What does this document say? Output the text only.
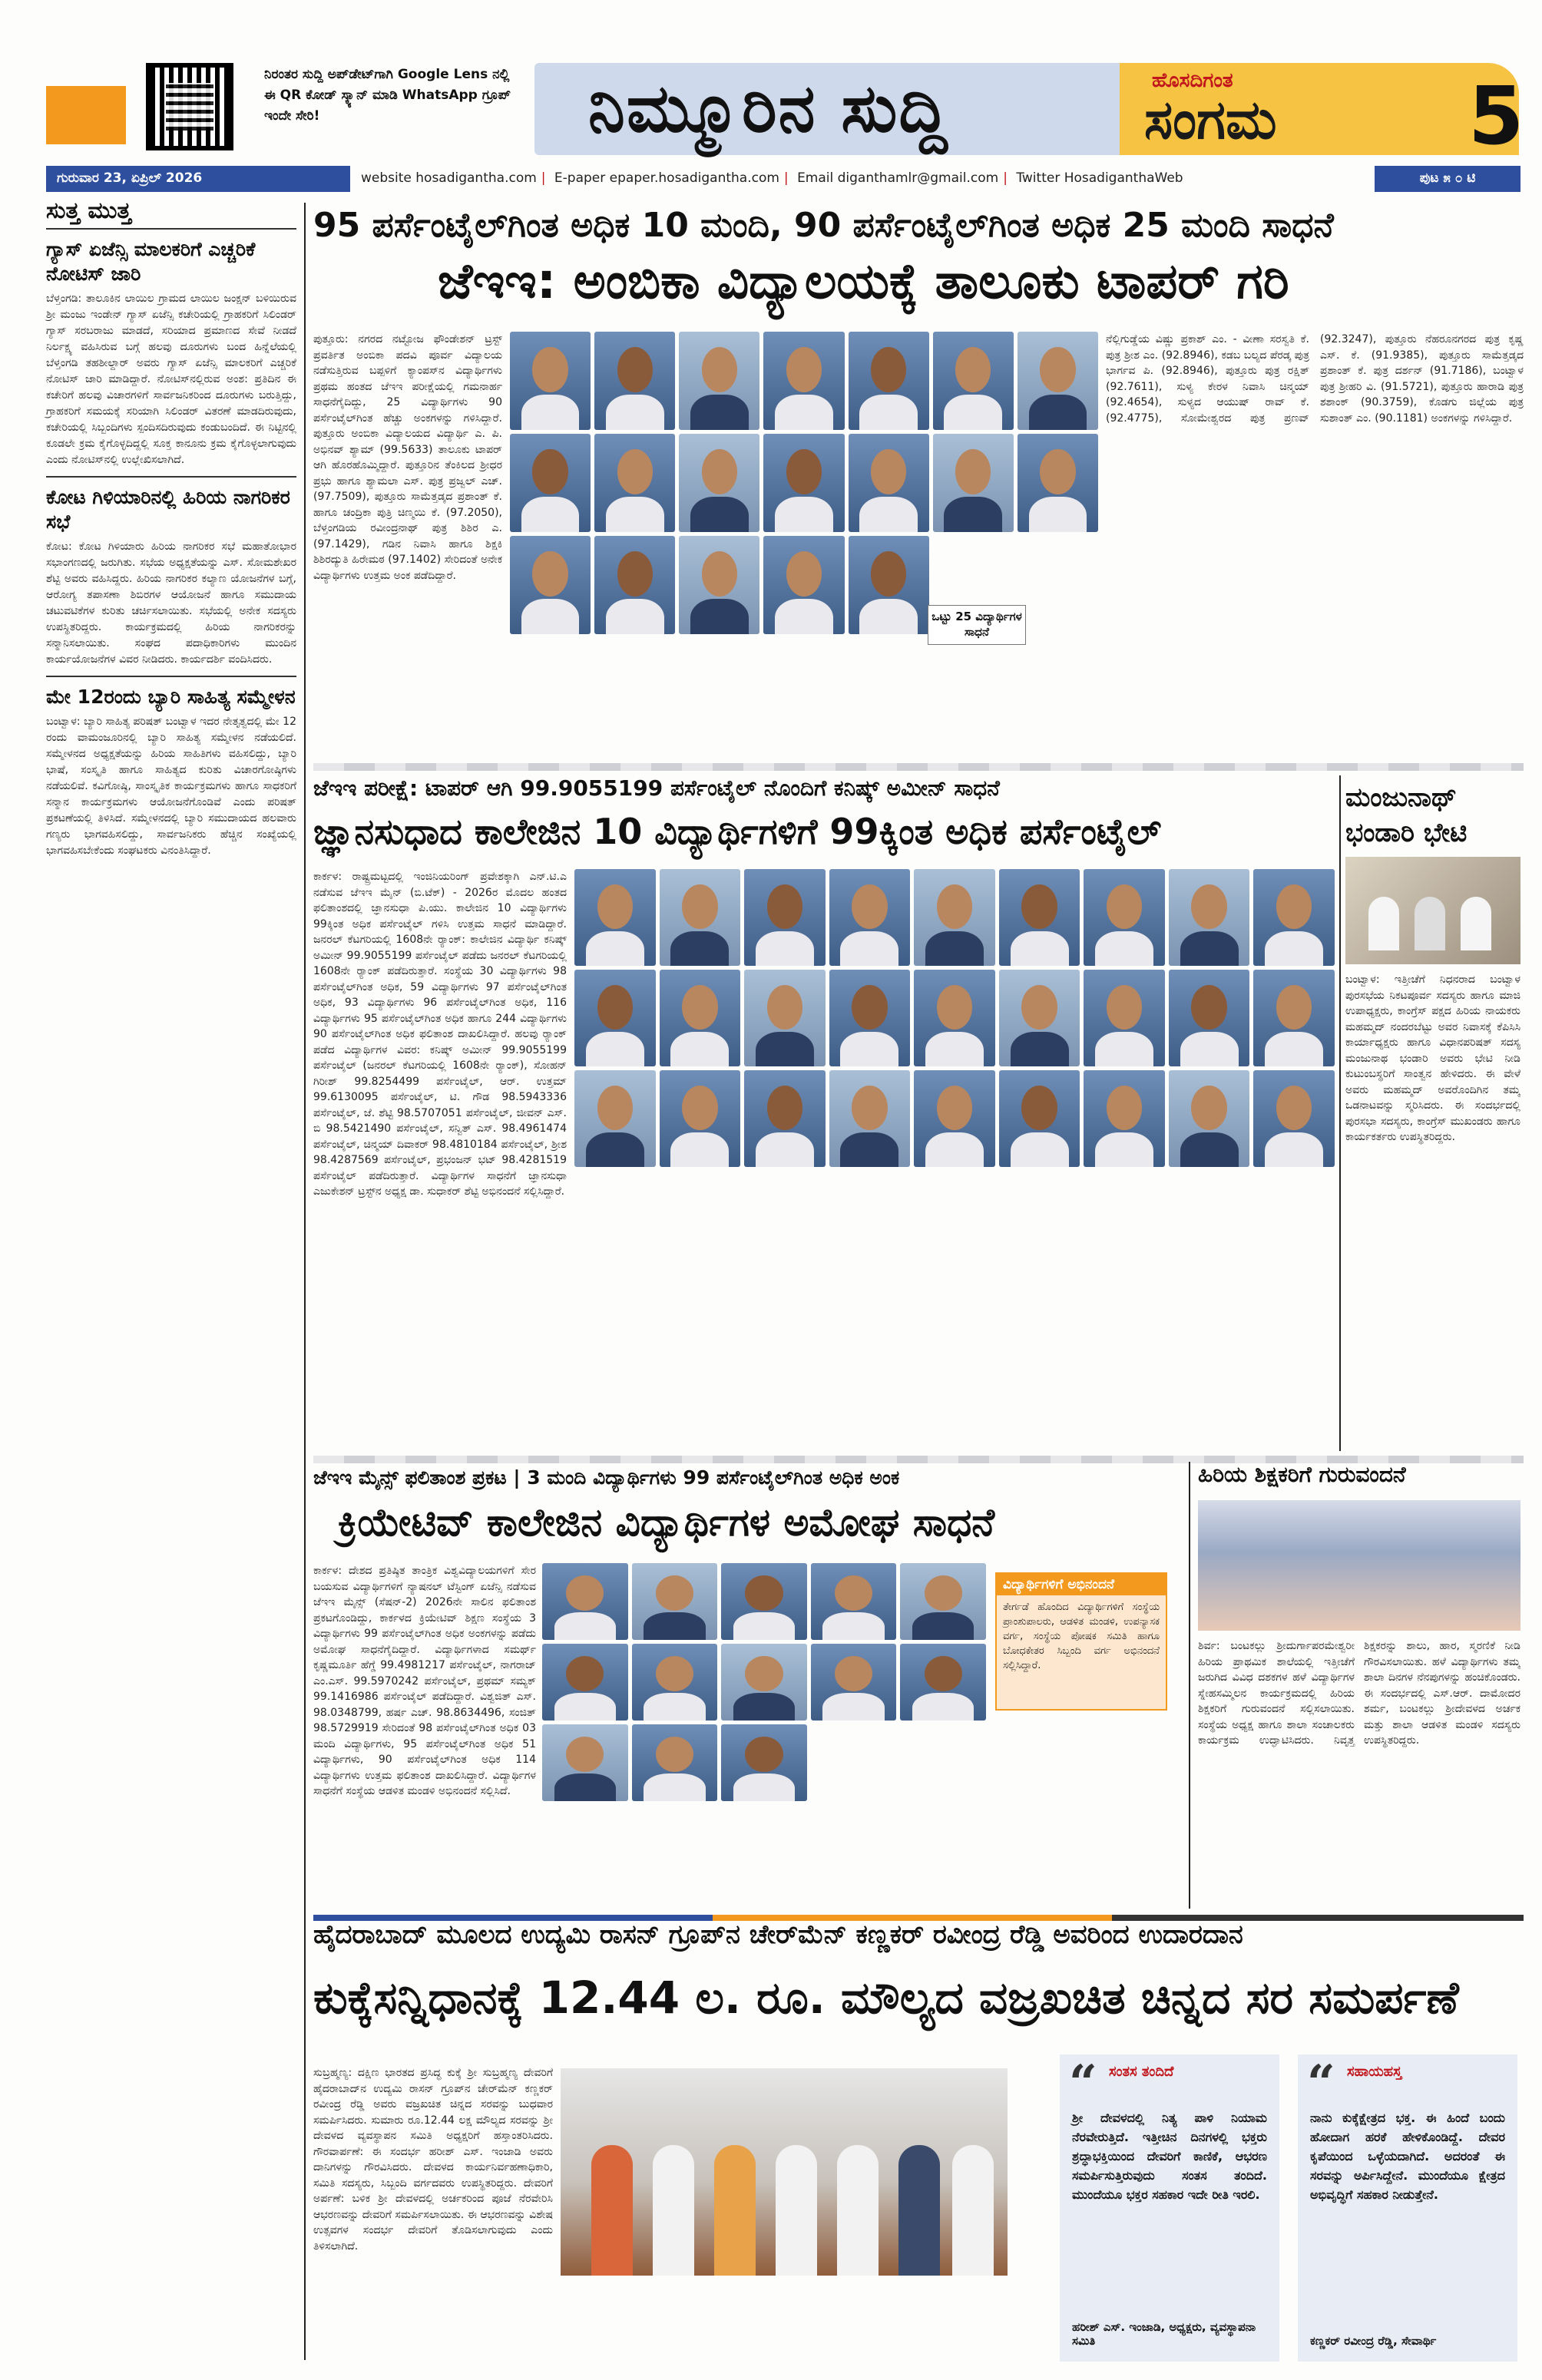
ನಿರಂತರ ಸುದ್ದಿ ಅಪ್‌ಡೇಟ್‌ಗಾಗಿ Google Lens ನಲ್ಲಿ ಈ QR ಕೋಡ್ ಸ್ಕ್ಯಾನ್ ಮಾಡಿ WhatsApp ಗ್ರೂಪ್ ಇಂದೇ ಸೇರಿ!	ನಿಮ್ಮೂರಿನ ಸುದ್ದಿ	ಹೊಸದಿಗಂತ
ಸಂಗಮ 5
ಗುರುವಾರ 23, ಏಪ್ರಿಲ್ 2026	website hosadigantha.com | E-paper epaper.hosadigantha.com | Email diganthamlr@gmail.com | Twitter HosadiganthaWeb	ಪುಟ ೫ ೦ ಟಿ
ಸುತ್ತ ಮುತ್ತ
ಗ್ಯಾಸ್ ಏಜೆನ್ಸಿ ಮಾಲಕರಿಗೆ ಎಚ್ಚರಿಕೆ ನೋಟಿಸ್ ಜಾರಿ
ಬೆಳ್ತಂಗಡಿ: ತಾಲೂಕಿನ ಲಾಯಿಲ ಗ್ರಾಮದ ಲಾಯಿಲ ಜಂಕ್ಷನ್ ಬಳಿಯಿರುವ ಶ್ರೀ ಮಂಜು ಇಂಡೇನ್ ಗ್ಯಾಸ್ ಏಜೆನ್ಸಿ ಕಚೇರಿಯಲ್ಲಿ ಗ್ರಾಹಕರಿಗೆ ಸಿಲಿಂಡರ್ ಗ್ಯಾಸ್ ಸರಬರಾಜು ಮಾಡದೆ, ಸರಿಯಾದ ಪ್ರಮಾಣದ ಸೇವೆ ನೀಡದೆ ನಿರ್ಲಕ್ಷ್ಯ ವಹಿಸಿರುವ ಬಗ್ಗೆ ಹಲವು ದೂರುಗಳು ಬಂದ ಹಿನ್ನೆಲೆಯಲ್ಲಿ ಬೆಳ್ತಂಗಡಿ ತಹಶೀಲ್ದಾರ್ ಅವರು ಗ್ಯಾಸ್ ಏಜೆನ್ಸಿ ಮಾಲಕರಿಗೆ ಎಚ್ಚರಿಕೆ ನೋಟಿಸ್ ಜಾರಿ ಮಾಡಿದ್ದಾರೆ. ನೋಟಿಸ್‌ನಲ್ಲಿರುವ ಅಂಶ: ಪ್ರತಿದಿನ ಈ ಕಚೇರಿಗೆ ಹಲವು ವಿಚಾರಗಳಿಗೆ ಸಾರ್ವಜನಿಕರಿಂದ ದೂರುಗಳು ಬರುತ್ತಿದ್ದು, ಗ್ರಾಹಕರಿಗೆ ಸಮಯಕ್ಕೆ ಸರಿಯಾಗಿ ಸಿಲಿಂಡರ್ ವಿತರಣೆ ಮಾಡದಿರುವುದು, ಕಚೇರಿಯಲ್ಲಿ ಸಿಬ್ಬಂದಿಗಳು ಸ್ಪಂದಿಸದಿರುವುದು ಕಂಡುಬಂದಿದೆ. ಈ ನಿಟ್ಟಿನಲ್ಲಿ ಕೂಡಲೇ ಕ್ರಮ ಕೈಗೊಳ್ಳದಿದ್ದಲ್ಲಿ ಸೂಕ್ತ ಕಾನೂನು ಕ್ರಮ ಕೈಗೊಳ್ಳಲಾಗುವುದು ಎಂದು ನೋಟಿಸ್‌ನಲ್ಲಿ ಉಲ್ಲೇಖಿಸಲಾಗಿದೆ.
ಕೋಟ ಗಿಳಿಯಾರಿನಲ್ಲಿ ಹಿರಿಯ ನಾಗರಿಕರ ಸಭೆ
ಕೋಟ: ಕೋಟ ಗಿಳಿಯಾರು ಹಿರಿಯ ನಾಗರಿಕರ ಸಭೆ ಮಹಾತೋಭಾರ ಸಭಾಂಗಣದಲ್ಲಿ ಜರುಗಿತು. ಸಭೆಯ ಅಧ್ಯಕ್ಷತೆಯನ್ನು ಎಸ್. ಸೋಮಶೇಖರ ಶೆಟ್ಟಿ ಅವರು ವಹಿಸಿದ್ದರು. ಹಿರಿಯ ನಾಗರಿಕರ ಕಲ್ಯಾಣ ಯೋಜನೆಗಳ ಬಗ್ಗೆ, ಆರೋಗ್ಯ ತಪಾಸಣಾ ಶಿಬಿರಗಳ ಆಯೋಜನೆ ಹಾಗೂ ಸಮುದಾಯ ಚಟುವಟಿಕೆಗಳ ಕುರಿತು ಚರ್ಚಿಸಲಾಯಿತು. ಸಭೆಯಲ್ಲಿ ಅನೇಕ ಸದಸ್ಯರು ಉಪಸ್ಥಿತರಿದ್ದರು. ಕಾರ್ಯಕ್ರಮದಲ್ಲಿ ಹಿರಿಯ ನಾಗರಿಕರನ್ನು ಸನ್ಮಾನಿಸಲಾಯಿತು. ಸಂಘದ ಪದಾಧಿಕಾರಿಗಳು ಮುಂದಿನ ಕಾರ್ಯಯೋಜನೆಗಳ ವಿವರ ನೀಡಿದರು. ಕಾರ್ಯದರ್ಶಿ ವಂದಿಸಿದರು.
ಮೇ 12ರಂದು ಬ್ಯಾರಿ ಸಾಹಿತ್ಯ ಸಮ್ಮೇಳನ
ಬಂಟ್ವಾಳ: ಬ್ಯಾರಿ ಸಾಹಿತ್ಯ ಪರಿಷತ್ ಬಂಟ್ವಾಳ ಇದರ ನೇತೃತ್ವದಲ್ಲಿ ಮೇ 12 ರಂದು ವಾಮಂಜೂರಿನಲ್ಲಿ ಬ್ಯಾರಿ ಸಾಹಿತ್ಯ ಸಮ್ಮೇಳನ ನಡೆಯಲಿದೆ. ಸಮ್ಮೇಳನದ ಅಧ್ಯಕ್ಷತೆಯನ್ನು ಹಿರಿಯ ಸಾಹಿತಿಗಳು ವಹಿಸಲಿದ್ದು, ಬ್ಯಾರಿ ಭಾಷೆ, ಸಂಸ್ಕೃತಿ ಹಾಗೂ ಸಾಹಿತ್ಯದ ಕುರಿತು ವಿಚಾರಗೋಷ್ಠಿಗಳು ನಡೆಯಲಿವೆ. ಕವಿಗೋಷ್ಠಿ, ಸಾಂಸ್ಕೃತಿಕ ಕಾರ್ಯಕ್ರಮಗಳು ಹಾಗೂ ಸಾಧಕರಿಗೆ ಸನ್ಮಾನ ಕಾರ್ಯಕ್ರಮಗಳು ಆಯೋಜನೆಗೊಂಡಿವೆ ಎಂದು ಪರಿಷತ್ ಪ್ರಕಟಣೆಯಲ್ಲಿ ತಿಳಿಸಿದೆ. ಸಮ್ಮೇಳನದಲ್ಲಿ ಬ್ಯಾರಿ ಸಮುದಾಯದ ಹಲವಾರು ಗಣ್ಯರು ಭಾಗವಹಿಸಲಿದ್ದು, ಸಾರ್ವಜನಿಕರು ಹೆಚ್ಚಿನ ಸಂಖ್ಯೆಯಲ್ಲಿ ಭಾಗವಹಿಸಬೇಕೆಂದು ಸಂಘಟಕರು ವಿನಂತಿಸಿದ್ದಾರೆ.
95 ಪರ್ಸೆಂಟೈಲ್‌ಗಿಂತ ಅಧಿಕ 10 ಮಂದಿ, 90 ಪರ್ಸೆಂಟೈಲ್‌ಗಿಂತ ಅಧಿಕ 25 ಮಂದಿ ಸಾಧನೆ
ಜೆಇಇ: ಅಂಬಿಕಾ ವಿದ್ಯಾಲಯಕ್ಕೆ ತಾಲೂಕು ಟಾಪರ್ ಗರಿ
ಪುತ್ತೂರು: ನಗರದ ನಟ್ಟೋಜ ಫೌಂಡೇಶನ್ ಟ್ರಸ್ಟ್ ಪ್ರವರ್ತಿತ ಅಂಬಿಕಾ ಪದವಿ ಪೂರ್ವ ವಿದ್ಯಾಲಯ ನಡೆಸುತ್ತಿರುವ ಬಪ್ಪಳಿಗೆ ಕ್ಯಾಂಪಸ್‌ನ ವಿದ್ಯಾರ್ಥಿಗಳು ಪ್ರಥಮ ಹಂತದ ಜೆಇಇ ಪರೀಕ್ಷೆಯಲ್ಲಿ ಗಮನಾರ್ಹ ಸಾಧನೆಗೈದಿದ್ದು, 25 ವಿದ್ಯಾರ್ಥಿಗಳು 90 ಪರ್ಸೆಂಟೈಲ್‌ಗಿಂತ ಹೆಚ್ಚು ಅಂಕಗಳನ್ನು ಗಳಿಸಿದ್ದಾರೆ. ಪುತ್ತೂರು ಅಂಬಿಕಾ ವಿದ್ಯಾಲಯದ ವಿದ್ಯಾರ್ಥಿ ಎ. ಪಿ. ಅಭಿನವ್ ಶ್ಯಾಮ್ (99.5633) ತಾಲೂಕು ಟಾಪರ್ ಆಗಿ ಹೊರಹೊಮ್ಮಿದ್ದಾರೆ. ಪುತ್ತೂರಿನ ತೆಂಕಿಲದ ಶ್ರೀಧರ ಪ್ರಭು ಹಾಗೂ ಶ್ಯಾಮಲಾ ಎಸ್. ಪುತ್ರ ಪ್ರಜ್ವಲ್ ಎಚ್. (97.7509), ಪುತ್ತೂರು ಸಾಮೆತ್ತಡ್ಕದ ಪ್ರಶಾಂತ್ ಕೆ. ಹಾಗೂ ಚಂದ್ರಿಕಾ ಪುತ್ರಿ ಚಿಣ್ಮಯಿ ಕೆ. (97.2050), ಬೆಳ್ತಂಗಡಿಯ ರವೀಂದ್ರನಾಥ್ ಪುತ್ರ ಶಿಶಿರ ಎ. (97.1429), ಗಡಿನ ನಿವಾಸಿ ಹಾಗೂ ಶಿಕ್ಷಕಿ ಶಿಶಿರದ್ಯುತಿ ಹಿರೇಮಠ (97.1402) ಸೇರಿದಂತೆ ಅನೇಕ ವಿದ್ಯಾರ್ಥಿಗಳು ಉತ್ತಮ ಅಂಕ ಪಡೆದಿದ್ದಾರೆ.
ಒಟ್ಟು 25 ವಿದ್ಯಾರ್ಥಿಗಳ ಸಾಧನೆ
ನೆಲ್ಲಿಗುಡ್ಡೆಯ ವಿಷ್ಣು ಪ್ರಕಾಶ್ ಎಂ. - ವೀಣಾ ಸರಸ್ವತಿ ಕೆ. ಪುತ್ರ ಶ್ರೀಶ ಎಂ. (92.8946), ಕಡಬ ಬಲ್ಯದ ಪೆರಡ್ಕ ಪುತ್ರ ಭಾರ್ಗವ ಪಿ. (92.8946), ಪುತ್ತೂರು ಪುತ್ರ ರಕ್ಷಿತ್ (92.7611), ಸುಳ್ಯ ಕೇರಳ ನಿವಾಸಿ ಚಿನ್ಮಯ್ (92.4654), ಸುಳ್ಯದ ಆಯುಷ್ ರಾವ್ ಕೆ. (92.4775), ಸೋಮೇಶ್ವರದ ಪುತ್ರ ಪ್ರಣವ್ (92.3247), ಪುತ್ತೂರು ನೆಹರೂನಗರದ ಪುತ್ರ ಕೃಷ್ಣ ಎಸ್. ಕೆ. (91.9385), ಪುತ್ತೂರು ಸಾಮೆತ್ತಡ್ಕದ ಪ್ರಶಾಂತ್ ಕೆ. ಪುತ್ರ ದರ್ಶನ್ (91.7186), ಬಂಟ್ವಾಳ ಪುತ್ರ ಶ್ರೀಹರಿ ವಿ. (91.5721), ಪುತ್ತೂರು ಹಾರಾಡಿ ಪುತ್ರ ಶಶಾಂಕ್ (90.3759), ಕೊಡಗು ಜಿಲ್ಲೆಯ ಪುತ್ರ ಸುಶಾಂತ್ ಎಂ. (90.1181) ಅಂಕಗಳನ್ನು ಗಳಿಸಿದ್ದಾರೆ.
ಜೆಇಇ ಪರೀಕ್ಷೆ: ಟಾಪರ್ ಆಗಿ 99.9055199 ಪರ್ಸೆಂಟೈಲ್ ನೊಂದಿಗೆ ಕನಿಷ್ಕ್ ಅಮೀನ್ ಸಾಧನೆ
ಜ್ಞಾನಸುಧಾದ ಕಾಲೇಜಿನ 10 ವಿದ್ಯಾರ್ಥಿಗಳಿಗೆ 99ಕ್ಕಿಂತ ಅಧಿಕ ಪರ್ಸೆಂಟೈಲ್
ಕಾರ್ಕಳ: ರಾಷ್ಟ್ರಮಟ್ಟದಲ್ಲಿ ಇಂಜಿನಿಯರಿಂಗ್ ಪ್ರವೇಶಕ್ಕಾಗಿ ಎನ್.ಟಿ.ಎ ನಡೆಸುವ ಜೆಇಇ ಮೈನ್ (ಬಿ.ಟೆಕ್) - 2026ರ ಮೊದಲ ಹಂತದ ಫಲಿತಾಂಶದಲ್ಲಿ ಜ್ಞಾನಸುಧಾ ಪಿ.ಯು. ಕಾಲೇಜಿನ 10 ವಿದ್ಯಾರ್ಥಿಗಳು 99ಕ್ಕಿಂತ ಅಧಿಕ ಪರ್ಸೆಂಟೈಲ್ ಗಳಿಸಿ ಉತ್ತಮ ಸಾಧನೆ ಮಾಡಿದ್ದಾರೆ. ಜನರಲ್ ಕೆಟಗರಿಯಲ್ಲಿ 1608ನೇ ರ್‍ಯಾಂಕ್: ಕಾಲೇಜಿನ ವಿದ್ಯಾರ್ಥಿ ಕನಿಷ್ಕ್ ಅಮೀನ್ 99.9055199 ಪರ್ಸೆಂಟೈಲ್ ಪಡೆದು ಜನರಲ್ ಕೆಟಗರಿಯಲ್ಲಿ 1608ನೇ ರ್‍ಯಾಂಕ್ ಪಡೆದಿರುತ್ತಾರೆ. ಸಂಸ್ಥೆಯ 30 ವಿದ್ಯಾರ್ಥಿಗಳು 98 ಪರ್ಸೆಂಟೈಲ್‌ಗಿಂತ ಅಧಿಕ, 59 ವಿದ್ಯಾರ್ಥಿಗಳು 97 ಪರ್ಸೆಂಟೈಲ್‌ಗಿಂತ ಅಧಿಕ, 93 ವಿದ್ಯಾರ್ಥಿಗಳು 96 ಪರ್ಸೆಂಟೈಲ್‌ಗಿಂತ ಅಧಿಕ, 116 ವಿದ್ಯಾರ್ಥಿಗಳು 95 ಪರ್ಸೆಂಟೈಲ್‌ಗಿಂತ ಅಧಿಕ ಹಾಗೂ 244 ವಿದ್ಯಾರ್ಥಿಗಳು 90 ಪರ್ಸೆಂಟೈಲ್‌ಗಿಂತ ಅಧಿಕ ಫಲಿತಾಂಶ ದಾಖಲಿಸಿದ್ದಾರೆ. ಹಲವು ರ್‍ಯಾಂಕ್ ಪಡೆದ ವಿದ್ಯಾರ್ಥಿಗಳ ವಿವರ: ಕನಿಷ್ಕ್ ಅಮೀನ್ 99.9055199 ಪರ್ಸೆಂಟೈಲ್ (ಜನರಲ್ ಕೆಟಗರಿಯಲ್ಲಿ 1608ನೇ ರ್‍ಯಾಂಕ್), ಸೋಹನ್ ಗಿರೀಶ್ 99.8254499 ಪರ್ಸೆಂಟೈಲ್, ಆರ್. ಉತ್ತಮ್ 99.6130095 ಪರ್ಸೆಂಟೈಲ್, ಟಿ. ಗೌಡ 98.5943336 ಪರ್ಸೆಂಟೈಲ್, ಜೆ. ಶೆಟ್ಟಿ 98.5707051 ಪರ್ಸೆಂಟೈಲ್, ಜೀವನ್ ಎಸ್. ಬಿ 98.5421490 ಪರ್ಸೆಂಟೈಲ್, ಸನ್ವಿತ್ ಎಸ್. 98.4961474 ಪರ್ಸೆಂಟೈಲ್, ಚಿನ್ಮಯ್ ದಿವಾಕರ್ 98.4810184 ಪರ್ಸೆಂಟೈಲ್, ಶ್ರೀಶ 98.4287569 ಪರ್ಸೆಂಟೈಲ್, ಪ್ರಭಂಜನ್ ಭಟ್ 98.4281519 ಪರ್ಸೆಂಟೈಲ್ ಪಡೆದಿರುತ್ತಾರೆ. ವಿದ್ಯಾರ್ಥಿಗಳ ಸಾಧನೆಗೆ ಜ್ಞಾನಸುಧಾ ಎಜುಕೇಶನ್ ಟ್ರಸ್ಟ್‌ನ ಅಧ್ಯಕ್ಷ ಡಾ. ಸುಧಾಕರ್ ಶೆಟ್ಟಿ ಅಭಿನಂದನೆ ಸಲ್ಲಿಸಿದ್ದಾರೆ.
ಮಂಜುನಾಥ್ ಭಂಡಾರಿ ಭೇಟಿ
ಬಂಟ್ವಾಳ: ಇತ್ತೀಚೆಗೆ ನಿಧನರಾದ ಬಂಟ್ವಾಳ ಪುರಸಭೆಯ ನಿಕಟಪೂರ್ವ ಸದಸ್ಯರು ಹಾಗೂ ಮಾಜಿ ಉಪಾಧ್ಯಕ್ಷರು, ಕಾಂಗ್ರೆಸ್ ಪಕ್ಷದ ಹಿರಿಯ ನಾಯಕರು ಮಹಮ್ಮದ್ ನಂದರಬೆಟ್ಟು ಅವರ ನಿವಾಸಕ್ಕೆ ಕೆಪಿಸಿಸಿ ಕಾರ್ಯಾಧ್ಯಕ್ಷರು ಹಾಗೂ ವಿಧಾನಪರಿಷತ್ ಸದಸ್ಯ ಮಂಜುನಾಥ ಭಂಡಾರಿ ಅವರು ಭೇಟಿ ನೀಡಿ ಕುಟುಂಬಸ್ಥರಿಗೆ ಸಾಂತ್ವನ ಹೇಳಿದರು. ಈ ವೇಳೆ ಅವರು ಮಹಮ್ಮದ್ ಅವರೊಂದಿಗಿನ ತಮ್ಮ ಒಡನಾಟವನ್ನು ಸ್ಮರಿಸಿದರು. ಈ ಸಂದರ್ಭದಲ್ಲಿ ಪುರಸಭಾ ಸದಸ್ಯರು, ಕಾಂಗ್ರೆಸ್ ಮುಖಂಡರು ಹಾಗೂ ಕಾರ್ಯಕರ್ತರು ಉಪಸ್ಥಿತರಿದ್ದರು.
ಜೆಇಇ ಮೈನ್ಸ್ ಫಲಿತಾಂಶ ಪ್ರಕಟ | 3 ಮಂದಿ ವಿದ್ಯಾರ್ಥಿಗಳು 99 ಪರ್ಸೆಂಟೈಲ್‌ಗಿಂತ ಅಧಿಕ ಅಂಕ
ಕ್ರಿಯೇಟಿವ್ ಕಾಲೇಜಿನ ವಿದ್ಯಾರ್ಥಿಗಳ ಅಮೋಘ ಸಾಧನೆ
ಕಾರ್ಕಳ: ದೇಶದ ಪ್ರತಿಷ್ಠಿತ ತಾಂತ್ರಿಕ ವಿಶ್ವವಿದ್ಯಾಲಯಗಳಿಗೆ ಸೇರ ಬಯಸುವ ವಿದ್ಯಾರ್ಥಿಗಳಿಗೆ ನ್ಯಾಷನಲ್ ಟೆಸ್ಟಿಂಗ್ ಏಜೆನ್ಸಿ ನಡೆಸುವ ಜೆಇಇ ಮೈನ್ಸ್ (ಸೆಷನ್-2) 2026ನೇ ಸಾಲಿನ ಫಲಿತಾಂಶ ಪ್ರಕಟಗೊಂಡಿದ್ದು, ಕಾರ್ಕಳದ ಕ್ರಿಯೇಟಿವ್ ಶಿಕ್ಷಣ ಸಂಸ್ಥೆಯ 3 ವಿದ್ಯಾರ್ಥಿಗಳು 99 ಪರ್ಸೆಂಟೈಲ್‌ಗಿಂತ ಅಧಿಕ ಅಂಕಗಳನ್ನು ಪಡೆದು ಅಮೋಘ ಸಾಧನೆಗೈದಿದ್ದಾರೆ. ವಿದ್ಯಾರ್ಥಿಗಳಾದ ಸಮರ್ಥ್ ಕೃಷ್ಣಮೂರ್ತಿ ಹೆಗ್ಡೆ 99.4981217 ಪರ್ಸೆಂಟೈಲ್, ನಾಗರಾಜ್ ಎಂ.ಎಸ್. 99.5970242 ಪರ್ಸೆಂಟೈಲ್, ಪ್ರಥಮ್ ಸಮ್ಯಕ್ 99.1416986 ಪರ್ಸೆಂಟೈಲ್ ಪಡೆದಿದ್ದಾರೆ. ವಿಶ್ವಜಿತ್ ಎಸ್. 98.0348799, ಹರ್ಷ ಎಚ್. 98.8634496, ಸಂಜಿತ್ 98.5729919 ಸೇರಿದಂತೆ 98 ಪರ್ಸೆಂಟೈಲ್‌ಗಿಂತ ಅಧಿಕ 03 ಮಂದಿ ವಿದ್ಯಾರ್ಥಿಗಳು, 95 ಪರ್ಸೆಂಟೈಲ್‌ಗಿಂತ ಅಧಿಕ 51 ವಿದ್ಯಾರ್ಥಿಗಳು, 90 ಪರ್ಸೆಂಟೈಲ್‌ಗಿಂತ ಅಧಿಕ 114 ವಿದ್ಯಾರ್ಥಿಗಳು ಉತ್ತಮ ಫಲಿತಾಂಶ ದಾಖಲಿಸಿದ್ದಾರೆ. ವಿದ್ಯಾರ್ಥಿಗಳ ಸಾಧನೆಗೆ ಸಂಸ್ಥೆಯ ಆಡಳಿತ ಮಂಡಳಿ ಅಭಿನಂದನೆ ಸಲ್ಲಿಸಿದೆ.
ವಿದ್ಯಾರ್ಥಿಗಳಿಗೆ ಅಭಿನಂದನೆ
ತೇರ್ಗಡೆ ಹೊಂದಿದ ವಿದ್ಯಾರ್ಥಿಗಳಿಗೆ ಸಂಸ್ಥೆಯ ಪ್ರಾಂಶುಪಾಲರು, ಆಡಳಿತ ಮಂಡಳಿ, ಉಪನ್ಯಾಸಕ ವರ್ಗ, ಸಂಸ್ಥೆಯ ಪೋಷಕ ಸಮಿತಿ ಹಾಗೂ ಬೋಧಕೇತರ ಸಿಬ್ಬಂದಿ ವರ್ಗ ಅಭಿನಂದನೆ ಸಲ್ಲಿಸಿದ್ದಾರೆ.
ಹಿರಿಯ ಶಿಕ್ಷಕರಿಗೆ ಗುರುವಂದನೆ
ಶಿರ್ವ: ಬಂಟಕಲ್ಲು ಶ್ರೀದುರ್ಗಾಪರಮೇಶ್ವರೀ ಹಿರಿಯ ಪ್ರಾಥಮಿಕ ಶಾಲೆಯಲ್ಲಿ ಇತ್ತೀಚೆಗೆ ಜರುಗಿದ ವಿವಿಧ ದಶಕಗಳ ಹಳೆ ವಿದ್ಯಾರ್ಥಿಗಳ ಸ್ನೇಹಸಮ್ಮಿಲನ ಕಾರ್ಯಕ್ರಮದಲ್ಲಿ ಹಿರಿಯ ಶಿಕ್ಷಕರಿಗೆ ಗುರುವಂದನೆ ಸಲ್ಲಿಸಲಾಯಿತು. ಸಂಸ್ಥೆಯ ಅಧ್ಯಕ್ಷ ಹಾಗೂ ಶಾಲಾ ಸಂಚಾಲಕರು ಕಾರ್ಯಕ್ರಮ ಉದ್ಘಾಟಿಸಿದರು. ನಿವೃತ್ತ ಶಿಕ್ಷಕರನ್ನು ಶಾಲು, ಹಾರ, ಸ್ಮರಣಿಕೆ ನೀಡಿ ಗೌರವಿಸಲಾಯಿತು. ಹಳೆ ವಿದ್ಯಾರ್ಥಿಗಳು ತಮ್ಮ ಶಾಲಾ ದಿನಗಳ ನೆನಪುಗಳನ್ನು ಹಂಚಿಕೊಂಡರು. ಈ ಸಂದರ್ಭದಲ್ಲಿ ಎಸ್.ಆರ್. ದಾಮೋದರ ಶರ್ಮ, ಬಂಟಕಲ್ಲು ಶ್ರೀದೇವಳದ ಅರ್ಚಕ ಮತ್ತು ಶಾಲಾ ಆಡಳಿತ ಮಂಡಳಿ ಸದಸ್ಯರು ಉಪಸ್ಥಿತರಿದ್ದರು.
ಹೈದರಾಬಾದ್ ಮೂಲದ ಉದ್ಯಮಿ ರಾಸನ್ ಗ್ರೂಪ್‌ನ ಚೇರ್‌ಮೆನ್ ಕಣ್ಣಕರ್ ರವೀಂದ್ರ ರೆಡ್ಡಿ ಅವರಿಂದ ಉದಾರದಾನ
ಕುಕ್ಕೆಸನ್ನಿಧಾನಕ್ಕೆ 12.44 ಲ. ರೂ. ಮೌಲ್ಯದ ವಜ್ರಖಚಿತ ಚಿನ್ನದ ಸರ ಸಮರ್ಪಣೆ
ಸುಬ್ರಹ್ಮಣ್ಯ: ದಕ್ಷಿಣ ಭಾರತದ ಪ್ರಸಿದ್ಧ ಕುಕ್ಕೆ ಶ್ರೀ ಸುಬ್ರಹ್ಮಣ್ಯ ದೇವರಿಗೆ ಹೈದರಾಬಾದ್‌ನ ಉದ್ಯಮಿ ರಾಸನ್ ಗ್ರೂಪ್‌ನ ಚೇರ್‌ಮೆನ್ ಕಣ್ಣಕರ್ ರವೀಂದ್ರ ರೆಡ್ಡಿ ಅವರು ವಜ್ರಖಚಿತ ಚಿನ್ನದ ಸರವನ್ನು ಬುಧವಾರ ಸಮರ್ಪಿಸಿದರು. ಸುಮಾರು ರೂ.12.44 ಲಕ್ಷ ಮೌಲ್ಯದ ಸರವನ್ನು ಶ್ರೀ ದೇವಳದ ವ್ಯವಸ್ಥಾಪನ ಸಮಿತಿ ಅಧ್ಯಕ್ಷರಿಗೆ ಹಸ್ತಾಂತರಿಸಿದರು. ಗೌರವಾರ್ಪಣೆ: ಈ ಸಂದರ್ಭ ಹರೀಶ್ ಎಸ್. ಇಂಜಾಡಿ ಅವರು ದಾನಿಗಳನ್ನು ಗೌರವಿಸಿದರು. ದೇವಳದ ಕಾರ್ಯನಿರ್ವಹಣಾಧಿಕಾರಿ, ಸಮಿತಿ ಸದಸ್ಯರು, ಸಿಬ್ಬಂದಿ ವರ್ಗದವರು ಉಪಸ್ಥಿತರಿದ್ದರು. ದೇವರಿಗೆ ಅರ್ಪಣೆ: ಬಳಿಕ ಶ್ರೀ ದೇವಳದಲ್ಲಿ ಅರ್ಚಕರಿಂದ ಪೂಜೆ ನೆರವೇರಿಸಿ ಆಭರಣವನ್ನು ದೇವರಿಗೆ ಸಮರ್ಪಿಸಲಾಯಿತು. ಈ ಆಭರಣವನ್ನು ವಿಶೇಷ ಉತ್ಸವಗಳ ಸಂದರ್ಭ ದೇವರಿಗೆ ತೊಡಿಸಲಾಗುವುದು ಎಂದು ತಿಳಿಸಲಾಗಿದೆ.
“ ಸಂತಸ ತಂದಿದೆ
ಶ್ರೀ ದೇವಳದಲ್ಲಿ ನಿತ್ಯ ಪಾಳಿ ನಿಯಾಮ ನೆರವೇರುತ್ತಿದೆ. ಇತ್ತೀಚಿನ ದಿನಗಳಲ್ಲಿ ಭಕ್ತರು ಶ್ರದ್ಧಾಭಕ್ತಿಯಿಂದ ದೇವರಿಗೆ ಕಾಣಿಕೆ, ಆಭರಣ ಸಮರ್ಪಿಸುತ್ತಿರುವುದು ಸಂತಸ ತಂದಿದೆ. ಮುಂದೆಯೂ ಭಕ್ತರ ಸಹಕಾರ ಇದೇ ರೀತಿ ಇರಲಿ.
ಹರೀಶ್ ಎಸ್. ಇಂಜಾಡಿ, ಅಧ್ಯಕ್ಷರು, ವ್ಯವಸ್ಥಾಪನಾ ಸಮಿತಿ
“ ಸಹಾಯಹಸ್ತ
ನಾನು ಕುಕ್ಕೆಕ್ಷೇತ್ರದ ಭಕ್ತ. ಈ ಹಿಂದೆ ಬಂದು ಹೋದಾಗ ಹರಕೆ ಹೇಳಿಕೊಂಡಿದ್ದೆ. ದೇವರ ಕೃಪೆಯಿಂದ ಒಳ್ಳೆಯದಾಗಿದೆ. ಅದರಂತೆ ಈ ಸರವನ್ನು ಅರ್ಪಿಸಿದ್ದೇನೆ. ಮುಂದೆಯೂ ಕ್ಷೇತ್ರದ ಅಭಿವೃದ್ಧಿಗೆ ಸಹಕಾರ ನೀಡುತ್ತೇನೆ.
ಕಣ್ಣಕರ್ ರವೀಂದ್ರ ರೆಡ್ಡಿ, ಸೇವಾರ್ಥಿ
